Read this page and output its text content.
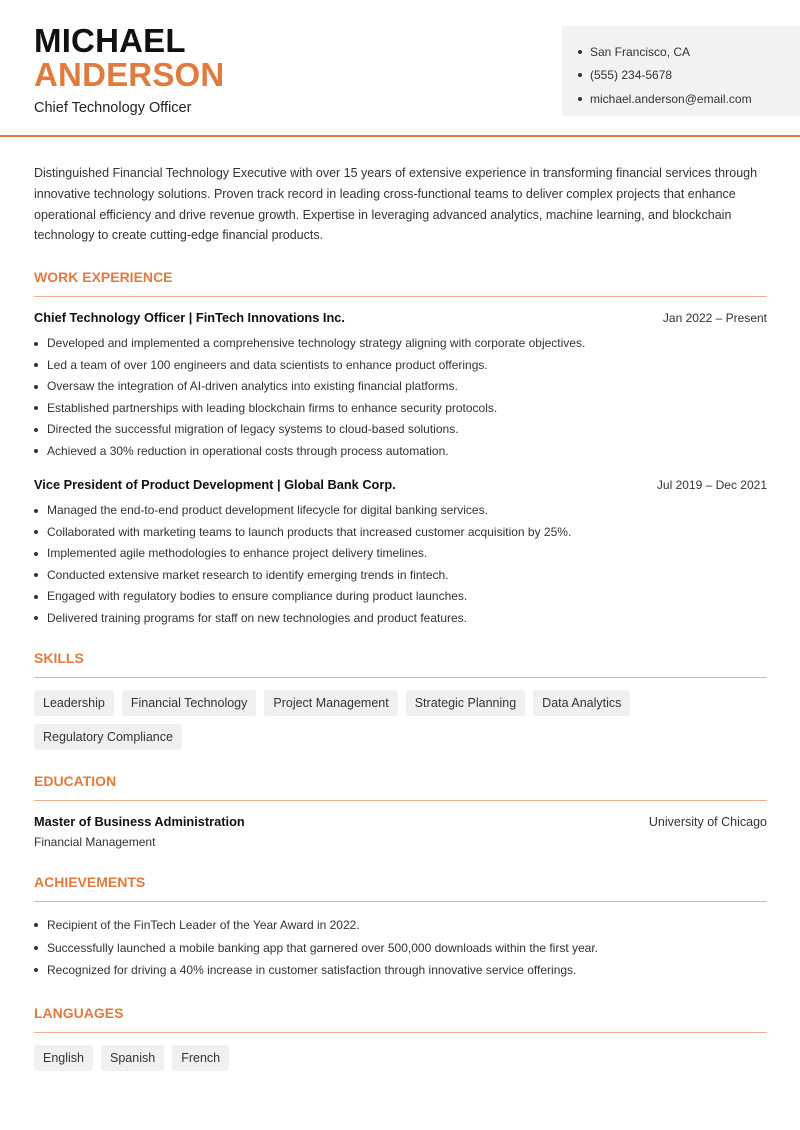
MICHAEL
ANDERSON
Chief Technology Officer
San Francisco, CA
(555) 234-5678
michael.anderson@email.com

Distinguished Financial Technology Executive with over 15 years of extensive experience in transforming financial services through innovative technology solutions. Proven track record in leading cross-functional teams to deliver complex projects that enhance operational efficiency and drive revenue growth. Expertise in leveraging advanced analytics, machine learning, and blockchain technology to create cutting-edge financial products.

WORK EXPERIENCE
Chief Technology Officer | FinTech Innovations Inc.	Jan 2022 – Present
Developed and implemented a comprehensive technology strategy aligning with corporate objectives.
Led a team of over 100 engineers and data scientists to enhance product offerings.
Oversaw the integration of AI-driven analytics into existing financial platforms.
Established partnerships with leading blockchain firms to enhance security protocols.
Directed the successful migration of legacy systems to cloud-based solutions.
Achieved a 30% reduction in operational costs through process automation.
Vice President of Product Development | Global Bank Corp.	Jul 2019 – Dec 2021
Managed the end-to-end product development lifecycle for digital banking services.
Collaborated with marketing teams to launch products that increased customer acquisition by 25%.
Implemented agile methodologies to enhance project delivery timelines.
Conducted extensive market research to identify emerging trends in fintech.
Engaged with regulatory bodies to ensure compliance during product launches.
Delivered training programs for staff on new technologies and product features.
SKILLS
Leadership	Financial Technology	Project Management	Strategic Planning	Data Analytics
Regulatory Compliance
EDUCATION
Master of Business Administration	University of Chicago
Financial Management
ACHIEVEMENTS
Recipient of the FinTech Leader of the Year Award in 2022.
Successfully launched a mobile banking app that garnered over 500,000 downloads within the first year.
Recognized for driving a 40% increase in customer satisfaction through innovative service offerings.
LANGUAGES
English	Spanish	French
